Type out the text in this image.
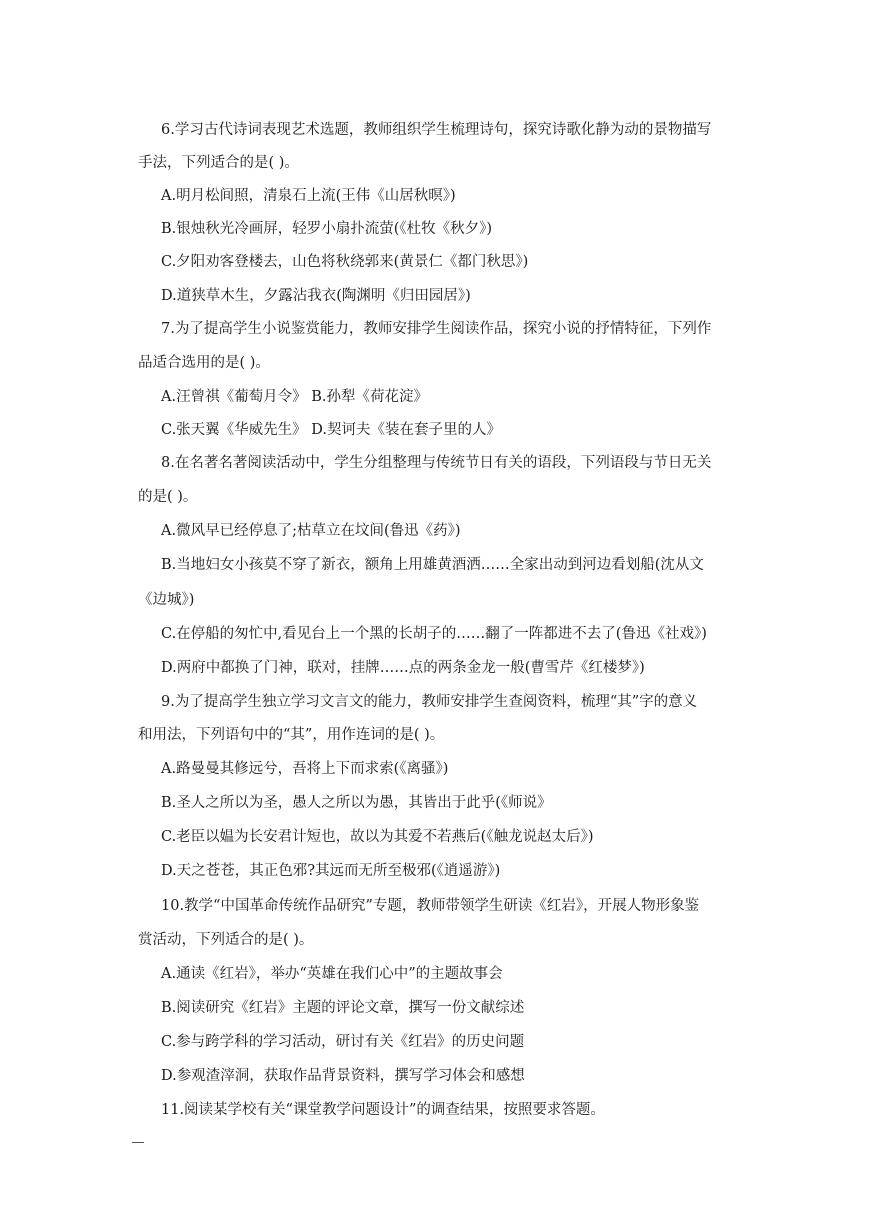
6.学习古代诗词表现艺术选题，教师组织学生梳理诗句，探究诗歌化静为动的景物描写
手法，下列适合的是( )。
A.明月松间照，清泉石上流(王伟《山居秋暝》)
B.银烛秋光冷画屏，轻罗小扇扑流萤(《杜牧《秋夕》)
C.夕阳劝客登楼去，山色将秋绕郭来(黄景仁《都门秋思》)
D.道狭草木生，夕露沾我衣(陶渊明《归田园居》)
7.为了提高学生小说鉴赏能力，教师安排学生阅读作品，探究小说的抒情特征，下列作
品适合选用的是( )。
A.汪曾祺《葡萄月令》 B.孙犁《荷花淀》
C.张天翼《华威先生》 D.契诃夫《装在套子里的人》
8.在名著名著阅读活动中，学生分组整理与传统节日有关的语段，下列语段与节日无关
的是( )。
A.微风早已经停息了;枯草立在坟间(鲁迅《药》)
B.当地妇女小孩莫不穿了新衣，额角上用雄黄酒洒……全家出动到河边看划船(沈从文
《边城》)
C.在停船的匆忙中,看见台上一个黑的长胡子的……翻了一阵都进不去了(鲁迅《社戏》)
D.两府中都换了门神，联对，挂牌……点的两条金龙一般(曹雪芹《红楼梦》)
9.为了提高学生独立学习文言文的能力，教师安排学生查阅资料，梳理“其”字的意义
和用法，下列语句中的“其”，用作连词的是( )。
A.路曼曼其修远兮，吾将上下而求索(《离骚》)
B.圣人之所以为圣，愚人之所以为愚，其皆出于此乎(《师说》
C.老臣以媪为长安君计短也，故以为其爱不若燕后(《触龙说赵太后》)
D.天之苍苍，其正色邪?其远而无所至极邪(《逍遥游》)
10.教学“中国革命传统作品研究”专题，教师带领学生研读《红岩》，开展人物形象鉴
赏活动，下列适合的是( )。
A.通读《红岩》，举办“英雄在我们心中”的主题故事会
B.阅读研究《红岩》主题的评论文章，撰写一份文献综述
C.参与跨学科的学习活动，研讨有关《红岩》的历史问题
D.参观渣滓洞，获取作品背景资料，撰写学习体会和感想
11.阅读某学校有关“课堂教学问题设计”的调查结果，按照要求答题。
